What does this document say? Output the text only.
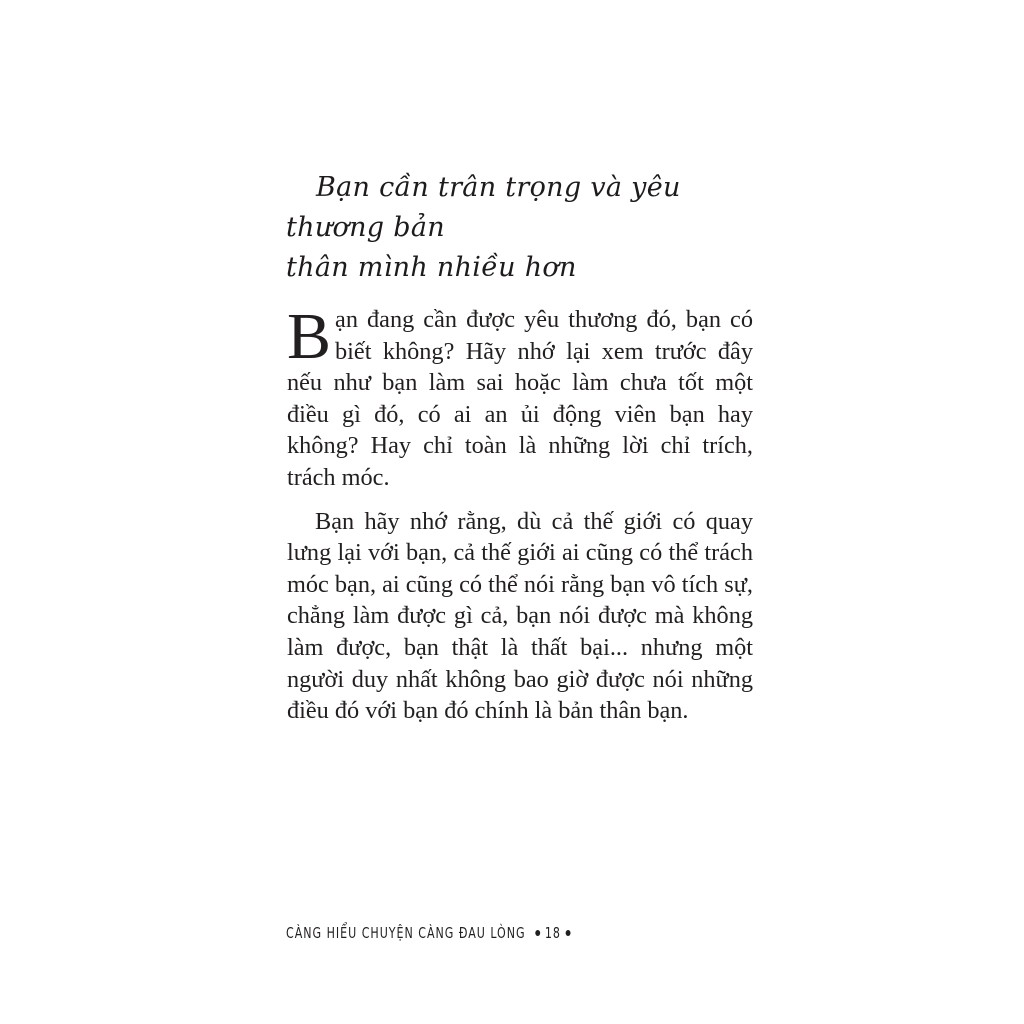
Bạn cần trân trọng và yêu thương bản
thân mình nhiều hơn

Bạn đang cần được yêu thương đó, bạn có biết không? Hãy nhớ lại xem trước đây nếu như bạn làm sai hoặc làm chưa tốt một điều gì đó, có ai an ủi động viên bạn hay không? Hay chỉ toàn là những lời chỉ trích, trách móc.

Bạn hãy nhớ rằng, dù cả thế giới có quay lưng lại với bạn, cả thế giới ai cũng có thể trách móc bạn, ai cũng có thể nói rằng bạn vô tích sự, chẳng làm được gì cả, bạn nói được mà không làm được, bạn thật là thất bại... nhưng một người duy nhất không bao giờ được nói những điều đó với bạn đó chính là bản thân bạn.

CÀNG HIỂU CHUYỆN CÀNG ĐAU LÒNG 18
